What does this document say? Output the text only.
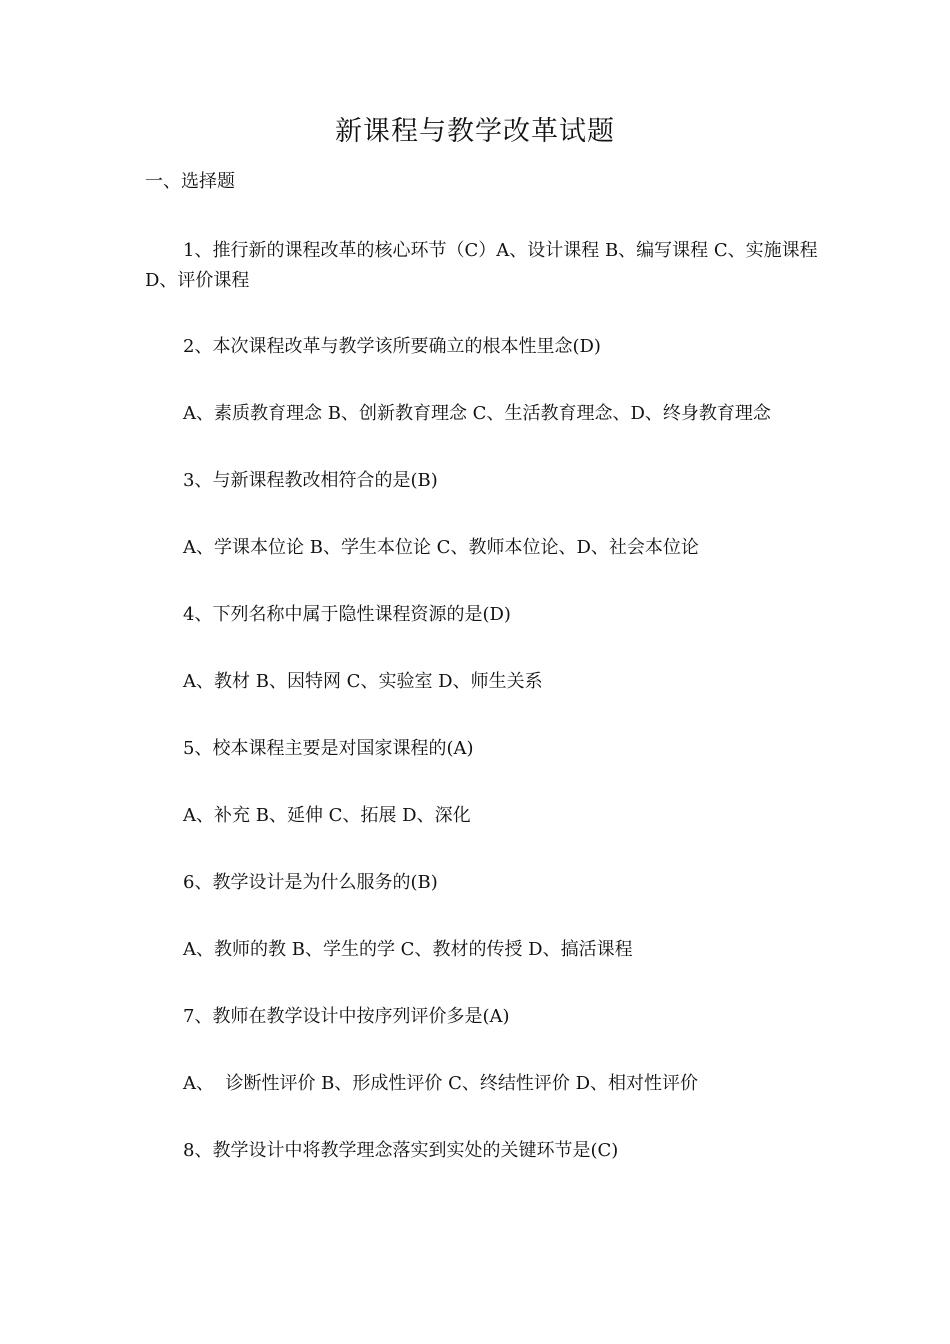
新课程与教学改革试题
一、选择题
1、推行新的课程改革的核心环节（C）A、设计课程 B、编写课程 C、实施课程 D、评价课程
2、本次课程改革与教学该所要确立的根本性里念(D)
A、素质教育理念 B、创新教育理念 C、生活教育理念、D、终身教育理念
3、与新课程教改相符合的是(B)
A、学课本位论 B、学生本位论 C、教师本位论、D、社会本位论
4、下列名称中属于隐性课程资源的是(D)
A、教材 B、因特网 C、实验室 D、师生关系
5、校本课程主要是对国家课程的(A)
A、补充 B、延伸 C、拓展 D、深化
6、教学设计是为什么服务的(B)
A、教师的教 B、学生的学 C、教材的传授 D、搞活课程
7、教师在教学设计中按序列评价多是(A)
A、  诊断性评价 B、形成性评价 C、终结性评价 D、相对性评价
8、教学设计中将教学理念落实到实处的关键环节是(C)
